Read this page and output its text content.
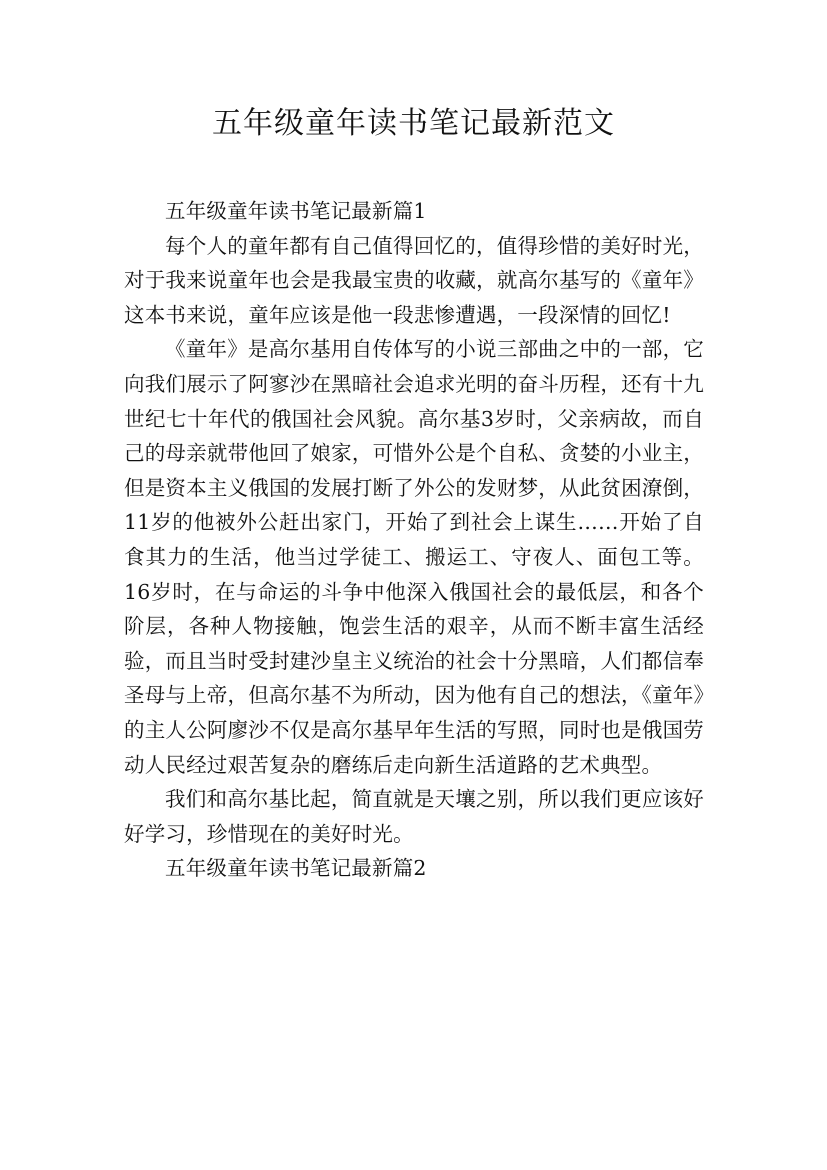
五年级童年读书笔记最新范文

五年级童年读书笔记最新篇1

每个人的童年都有自己值得回忆的，值得珍惜的美好时光，对于我来说童年也会是我最宝贵的收藏，就高尔基写的《童年》这本书来说，童年应该是他一段悲惨遭遇，一段深情的回忆!

《童年》是高尔基用自传体写的小说三部曲之中的一部，它向我们展示了阿寥沙在黑暗社会追求光明的奋斗历程，还有十九世纪七十年代的俄国社会风貌。高尔基3岁时，父亲病故，而自己的母亲就带他回了娘家，可惜外公是个自私、贪婪的小业主，但是资本主义俄国的发展打断了外公的发财梦，从此贫困潦倒，11岁的他被外公赶出家门，开始了到社会上谋生……开始了自食其力的生活，他当过学徒工、搬运工、守夜人、面包工等。16岁时，在与命运的斗争中他深入俄国社会的最低层，和各个阶层，各种人物接触，饱尝生活的艰辛，从而不断丰富生活经验，而且当时受封建沙皇主义统治的社会十分黑暗，人们都信奉圣母与上帝，但高尔基不为所动，因为他有自己的想法，《童年》的主人公阿廖沙不仅是高尔基早年生活的写照，同时也是俄国劳动人民经过艰苦复杂的磨练后走向新生活道路的艺术典型。

我们和高尔基比起，简直就是天壤之别，所以我们更应该好好学习，珍惜现在的美好时光。

五年级童年读书笔记最新篇2
